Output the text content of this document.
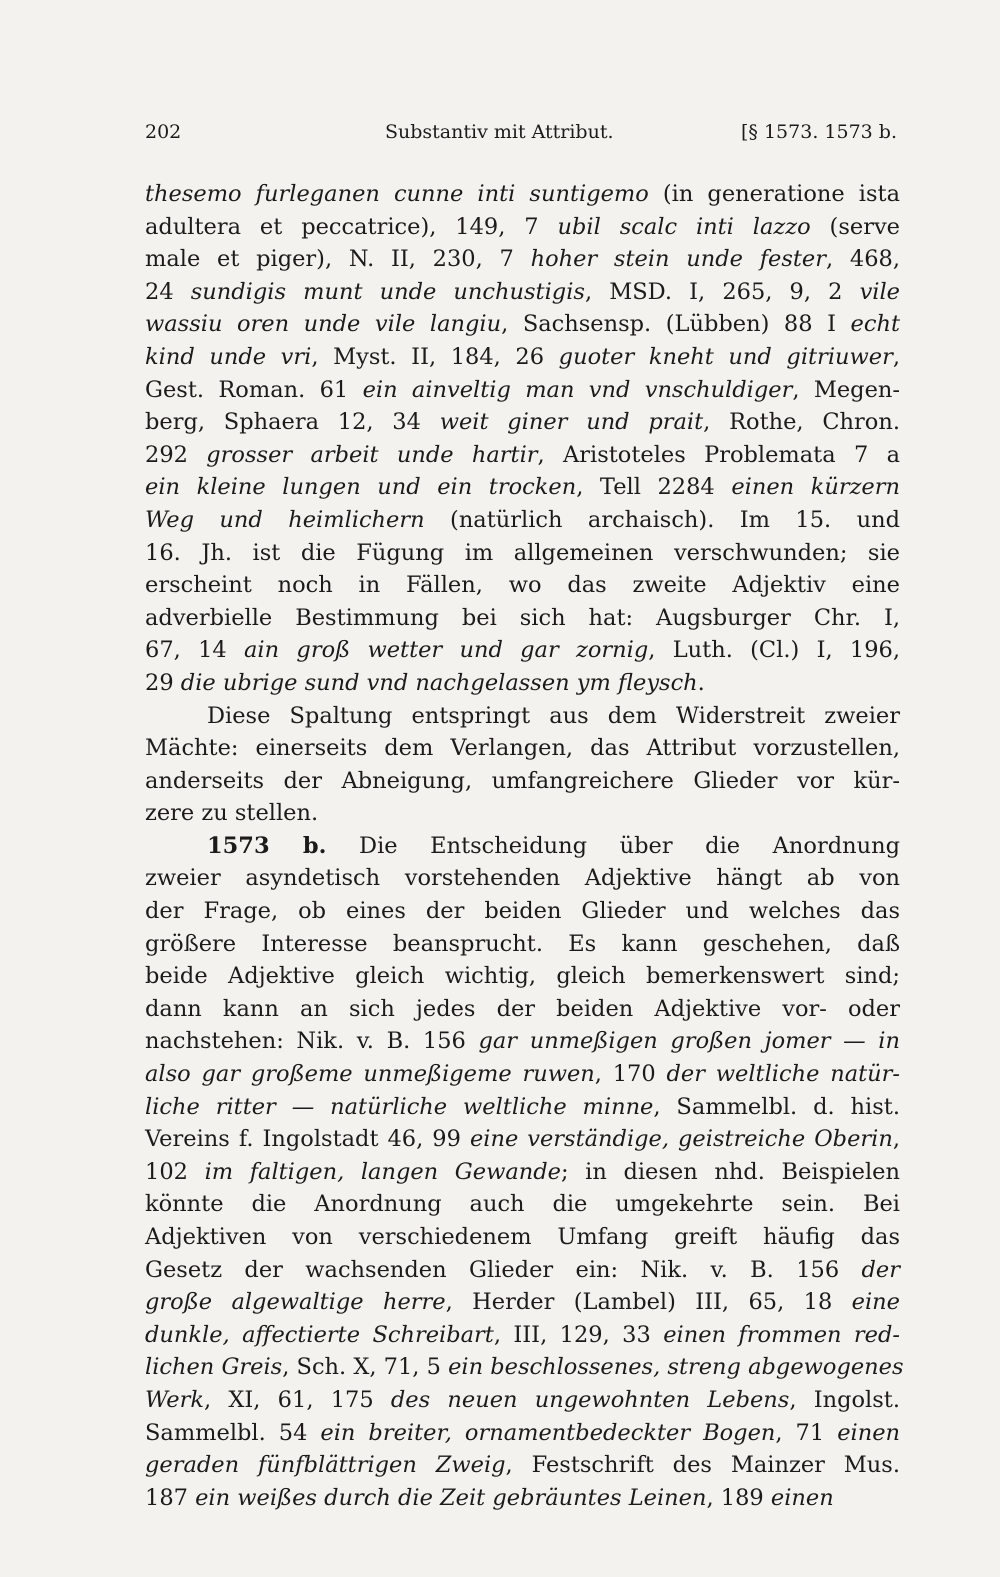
202	Substantiv mit Attribut.	[§ 1573. 1573 b.
thesemo furleganen cunne inti suntigemo (in generatione ista
adultera et peccatrice), 149, 7 ubil scalc inti lazzo (serve
male et piger), N. II, 230, 7 hoher stein unde fester, 468,
24 sundigis munt unde unchustigis, MSD. I, 265, 9, 2 vile
wassiu oren unde vile langiu, Sachsensp. (Lübben) 88 I echt
kind unde vri, Myst. II, 184, 26 guoter kneht und gitriuwer,
Gest. Roman. 61 ein ainveltig man vnd vnschuldiger, Megen-
berg, Sphaera 12, 34 weit giner und prait, Rothe, Chron.
292 grosser arbeit unde hartir, Aristoteles Problemata 7 a
ein kleine lungen und ein trocken, Tell 2284 einen kürzern
Weg und heimlichern (natürlich archaisch). Im 15. und
16. Jh. ist die Fügung im allgemeinen verschwunden; sie
erscheint noch in Fällen, wo das zweite Adjektiv eine
adverbielle Bestimmung bei sich hat: Augsburger Chr. I,
67, 14 ain groß wetter und gar zornig, Luth. (Cl.) I, 196,
29 die ubrige sund vnd nachgelassen ym fleysch.
Diese Spaltung entspringt aus dem Widerstreit zweier
Mächte: einerseits dem Verlangen, das Attribut vorzustellen,
anderseits der Abneigung, umfangreichere Glieder vor kür-
zere zu stellen.
1573 b. Die Entscheidung über die Anordnung
zweier asyndetisch vorstehenden Adjektive hängt ab von
der Frage, ob eines der beiden Glieder und welches das
größere Interesse beansprucht. Es kann geschehen, daß
beide Adjektive gleich wichtig, gleich bemerkenswert sind;
dann kann an sich jedes der beiden Adjektive vor- oder
nachstehen: Nik. v. B. 156 gar unmeßigen großen jomer — in
also gar großeme unmeßigeme ruwen, 170 der weltliche natür-
liche ritter — natürliche weltliche minne, Sammelbl. d. hist.
Vereins f. Ingolstadt 46, 99 eine verständige, geistreiche Oberin,
102 im faltigen, langen Gewande; in diesen nhd. Beispielen
könnte die Anordnung auch die umgekehrte sein. Bei
Adjektiven von verschiedenem Umfang greift häufig das
Gesetz der wachsenden Glieder ein: Nik. v. B. 156 der
große algewaltige herre, Herder (Lambel) III, 65, 18 eine
dunkle, affectierte Schreibart, III, 129, 33 einen frommen red-
lichen Greis, Sch. X, 71, 5 ein beschlossenes, streng abgewogenes
Werk, XI, 61, 175 des neuen ungewohnten Lebens, Ingolst.
Sammelbl. 54 ein breiter, ornamentbedeckter Bogen, 71 einen
geraden fünfblättrigen Zweig, Festschrift des Mainzer Mus.
187 ein weißes durch die Zeit gebräuntes Leinen, 189 einen
